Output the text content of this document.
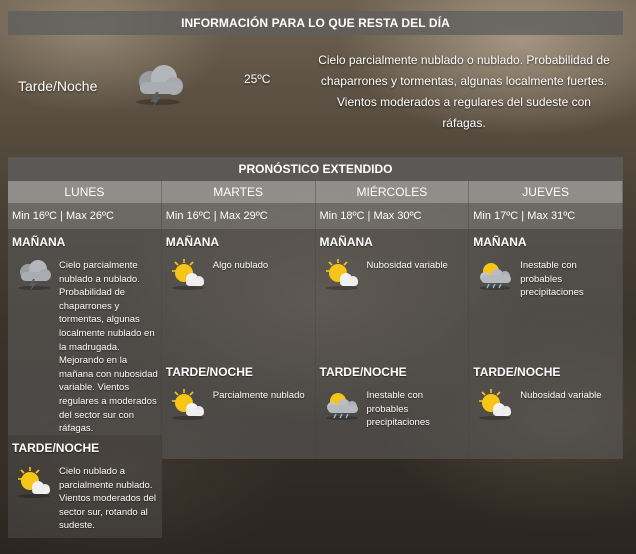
INFORMACIÓN PARA LO QUE RESTA DEL DÍA
Tarde/Noche	25ºC
Cielo parcialmente nublado o nublado. Probabilidad de chaparrones y tormentas, algunas localmente fuertes. Vientos moderados a regulares del sudeste con ráfagas.
PRONÓSTICO EXTENDIDO
LUNES
Min 16ºC | Max 26ºC
MAÑANA
Cielo parcialmente nublado a nublado. Probabilidad de chaparrones y tormentas, algunas localmente nublado en la madrugada. Mejorando en la mañana con nubosidad variable. Vientos regulares a moderados del sector sur con ráfagas.
TARDE/NOCHE
Cielo nublado a parcialmente nublado. Vientos moderados del sector sur, rotando al sudeste.
MARTES
Min 16ºC | Max 29ºC
MAÑANA
Algo nublado
TARDE/NOCHE
Parcialmente nublado
MIÉRCOLES
Min 18ºC | Max 30ºC
MAÑANA
Nubosidad variable
TARDE/NOCHE
Inestable con probables precipitaciones
JUEVES
Min 17ºC | Max 31ºC
MAÑANA
Inestable con probables precipitaciones
TARDE/NOCHE
Nubosidad variable
